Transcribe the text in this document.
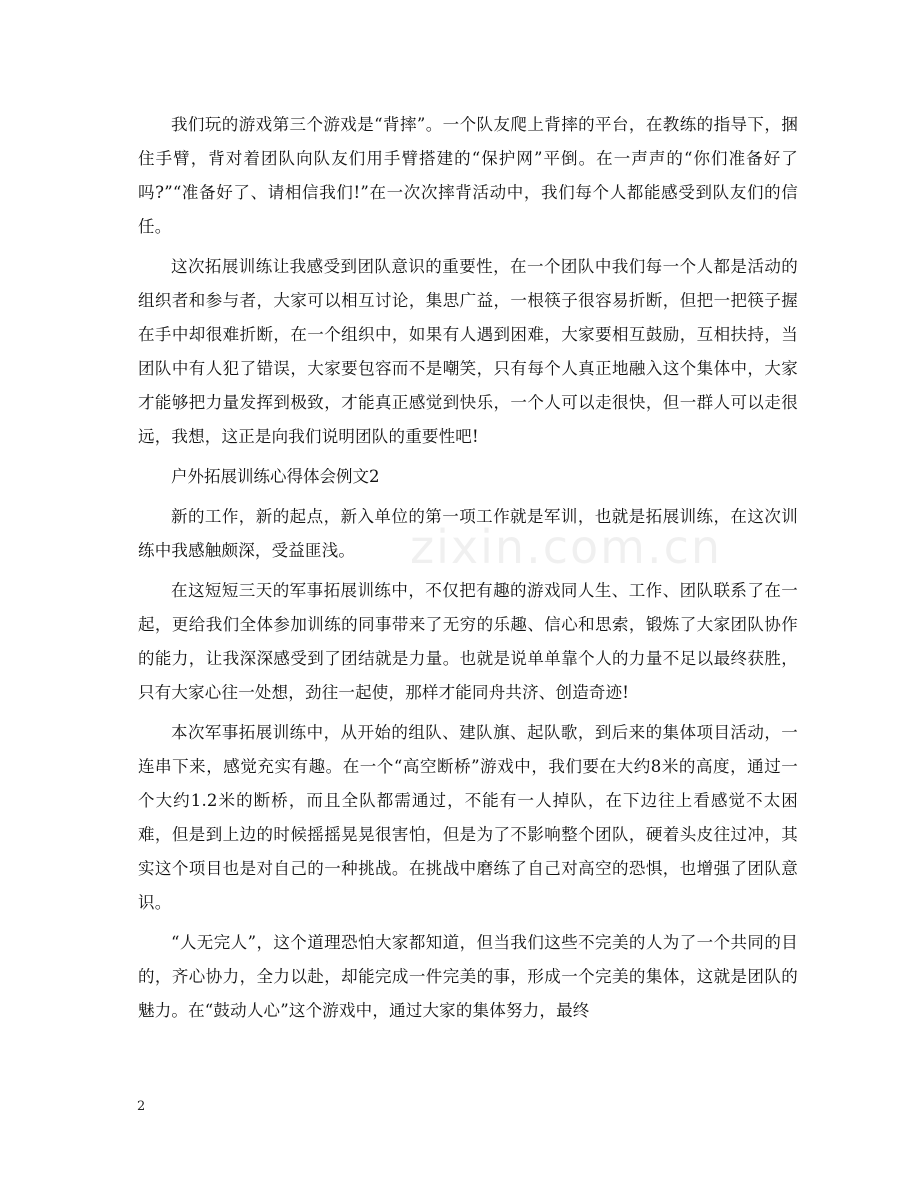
zixin.com.cn

我们玩的游戏第三个游戏是“背摔”。一个队友爬上背摔的平台，在教练的指导下，捆住手臂，背对着团队向队友们用手臂搭建的“保护网”平倒。在一声声的“你们准备好了吗?”“准备好了、请相信我们!”在一次次摔背活动中，我们每个人都能感受到队友们的信任。

这次拓展训练让我感受到团队意识的重要性，在一个团队中我们每一个人都是活动的组织者和参与者，大家可以相互讨论，集思广益，一根筷子很容易折断，但把一把筷子握在手中却很难折断，在一个组织中，如果有人遇到困难，大家要相互鼓励，互相扶持，当团队中有人犯了错误，大家要包容而不是嘲笑，只有每个人真正地融入这个集体中，大家才能够把力量发挥到极致，才能真正感觉到快乐，一个人可以走很快，但一群人可以走很远，我想，这正是向我们说明团队的重要性吧!

户外拓展训练心得体会例文2

新的工作，新的起点，新入单位的第一项工作就是军训，也就是拓展训练，在这次训练中我感触颇深，受益匪浅。

在这短短三天的军事拓展训练中，不仅把有趣的游戏同人生、工作、团队联系了在一起，更给我们全体参加训练的同事带来了无穷的乐趣、信心和思索，锻炼了大家团队协作的能力，让我深深感受到了团结就是力量。也就是说单单靠个人的力量不足以最终获胜，只有大家心往一处想，劲往一起使，那样才能同舟共济、创造奇迹!

本次军事拓展训练中，从开始的组队、建队旗、起队歌，到后来的集体项目活动，一连串下来，感觉充实有趣。在一个“高空断桥”游戏中，我们要在大约8米的高度，通过一个大约1.2米的断桥，而且全队都需通过，不能有一人掉队，在下边往上看感觉不太困难，但是到上边的时候摇摇晃晃很害怕，但是为了不影响整个团队，硬着头皮往过冲，其实这个项目也是对自己的一种挑战。在挑战中磨练了自己对高空的恐惧，也增强了团队意识。

“人无完人”，这个道理恐怕大家都知道，但当我们这些不完美的人为了一个共同的目的，齐心协力，全力以赴，却能完成一件完美的事，形成一个完美的集体，这就是团队的魅力。在“鼓动人心”这个游戏中，通过大家的集体努力，最终

2
